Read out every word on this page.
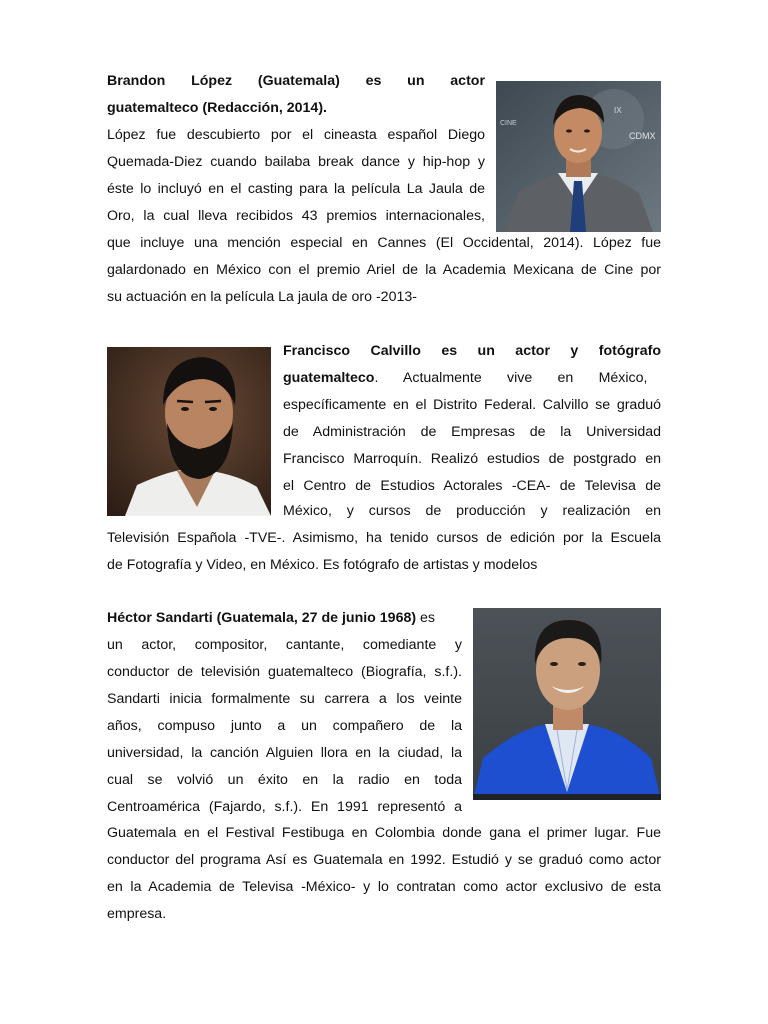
Brandon López (Guatemala) es un actor
guatemalteco (Redacción, 2014).
López fue descubierto por el cineasta español Diego
Quemada-Diez cuando bailaba break dance y hip-hop y
éste lo incluyó en el casting para la película La Jaula de
Oro, la cual lleva recibidos 43 premios internacionales,
que incluye una mención especial en Cannes (El Occidental, 2014). López fue
galardonado en México con el premio Ariel de la Academia Mexicana de Cine por
su actuación en la película La jaula de oro -2013-
IX
CDMX
CINE
Francisco Calvillo es un actor y fotógrafo
guatemalteco. Actualmente vive en México,
específicamente en el Distrito Federal. Calvillo se graduó
de Administración de Empresas de la Universidad
Francisco Marroquín. Realizó estudios de postgrado en
el Centro de Estudios Actorales -CEA- de Televisa de
México, y cursos de producción y realización en
Televisión Española -TVE-. Asimismo, ha tenido cursos de edición por la Escuela
de Fotografía y Video, en México. Es fotógrafo de artistas y modelos
Héctor Sandarti (Guatemala, 27 de junio 1968) es
un actor, compositor, cantante, comediante y
conductor de televisión guatemalteco (Biografía, s.f.).
Sandarti inicia formalmente su carrera a los veinte
años, compuso junto a un compañero de la
universidad, la canción Alguien llora en la ciudad, la
cual se volvió un éxito en la radio en toda
Centroamérica (Fajardo, s.f.). En 1991 representó a
Guatemala en el Festival Festibuga en Colombia donde gana el primer lugar. Fue
conductor del programa Así es Guatemala en 1992. Estudió y se graduó como actor
en la Academia de Televisa -México- y lo contratan como actor exclusivo de esta
empresa.
